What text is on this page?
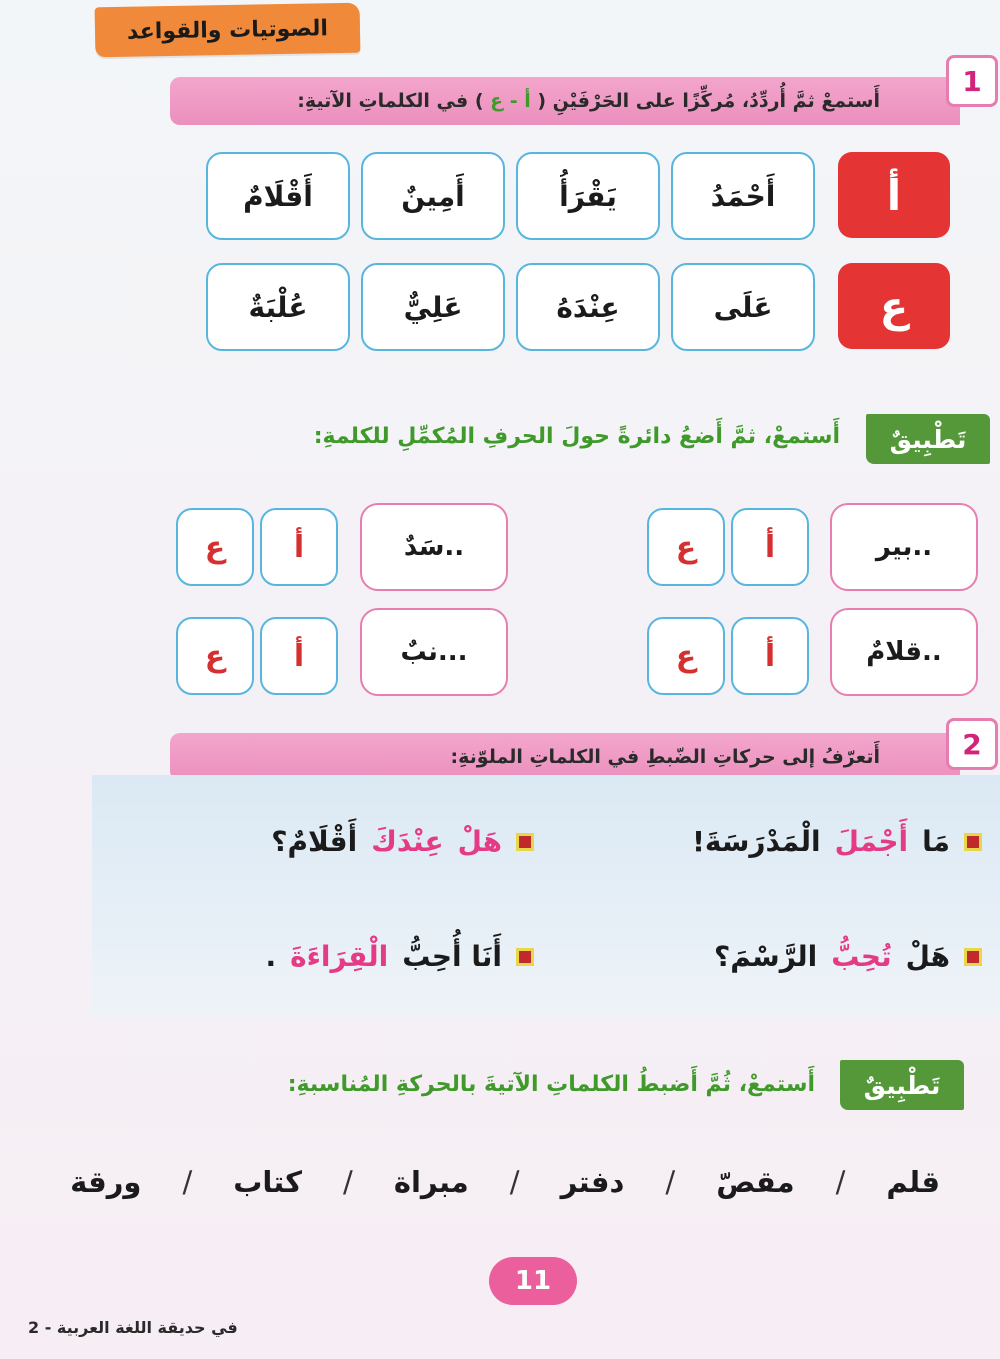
الصوتيات والقواعد
أَستمعْ ثمَّ أُردِّدُ، مُركِّزًا على الحَرْفَيْنِ ( أ - ع ) في الكلماتِ الآتيةِ:
1
أ
أَحْمَدُ
يَقْرَأُ
أَمِينٌ
أَقْلَامٌ
ع
عَلَى
عِنْدَهُ
عَلِيٌّ
عُلْبَةٌ
تَطْبِيقٌ
أَستمعْ، ثمَّ أَضعُ دائرةً حولَ الحرفِ المُكمِّلِ للكلمةِ:
..بير
أ
ع
..قلامٌ
أ
ع
..سَدٌ
أ
ع
...نبٌ
أ
ع
أَتعرّفُ إلى حركاتِ الضّبطِ في الكلماتِ الملوّنةِ:	2
مَا
أَجْمَلَ
الْمَدْرَسَةَ!
هَلْ
عِنْدَكَ
أَقْلَامٌ؟
هَلْ
تُحِبُّ
الرَّسْمَ؟
أَنَا أُحِبُّ
الْقِرَاءَةَ
.
تَطْبِيقٌ
أَستمعْ، ثُمَّ أَضبطُ الكلماتِ الآتيةَ بالحركةِ المُناسبةِ:
قلم
/
مقصّ
/
دفتر
/
مبراة
/
كتاب
/
ورقة
11
في حديقة اللغة العربية - 2
